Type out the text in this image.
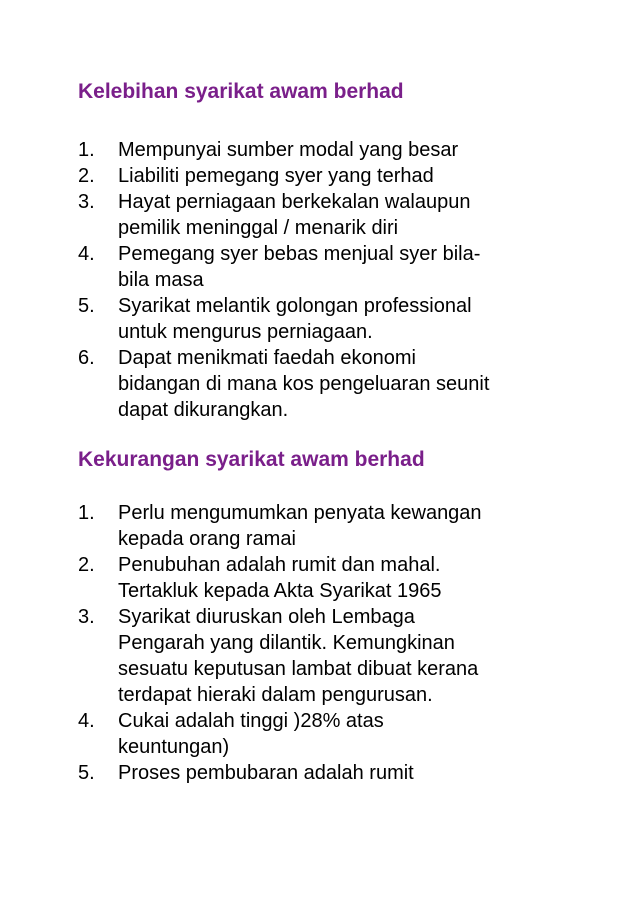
Kelebihan syarikat awam berhad
1.	Mempunyai sumber modal yang besar
2.	Liabiliti pemegang syer yang terhad
3.	Hayat perniagaan berkekalan walaupun
pemilik meninggal / menarik diri
4.	Pemegang syer bebas menjual syer bila-
bila masa
5.	Syarikat melantik golongan professional
untuk mengurus perniagaan.
6.	Dapat menikmati faedah ekonomi
bidangan di mana kos pengeluaran seunit
dapat dikurangkan.
Kekurangan syarikat awam berhad
1.	Perlu mengumumkan penyata kewangan
kepada orang ramai
2.	Penubuhan adalah rumit dan mahal.
Tertakluk kepada Akta Syarikat 1965
3.	Syarikat diuruskan oleh Lembaga
Pengarah yang dilantik. Kemungkinan
sesuatu keputusan lambat dibuat kerana
terdapat hieraki dalam pengurusan.
4.	Cukai adalah tinggi )28% atas
keuntungan)
5.	Proses pembubaran adalah rumit
